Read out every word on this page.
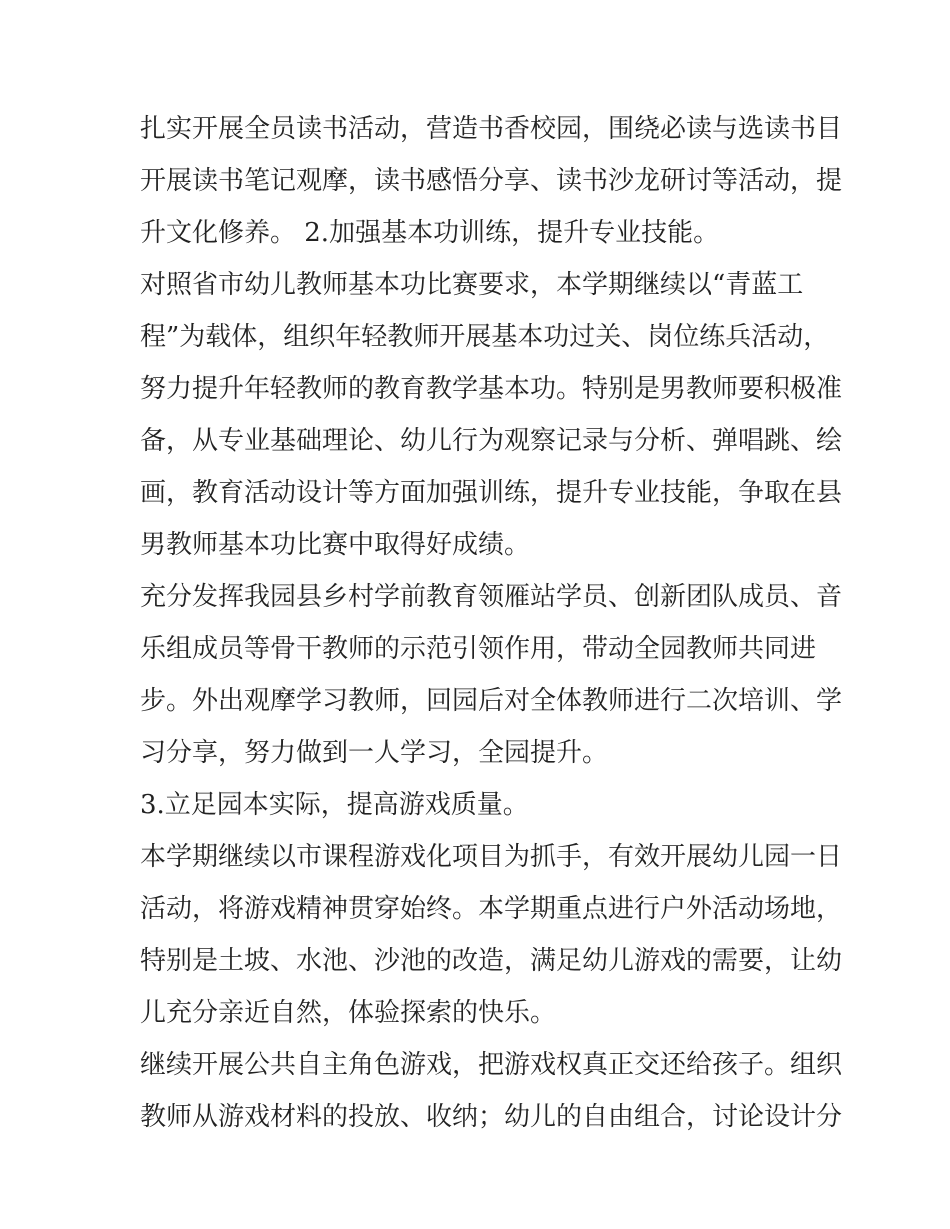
扎实开展全员读书活动，营造书香校园，围绕必读与选读书目
开展读书笔记观摩，读书感悟分享、读书沙龙研讨等活动，提
升文化修养。 2.加强基本功训练，提升专业技能。
对照省市幼儿教师基本功比赛要求，本学期继续以“青蓝工
程”为载体，组织年轻教师开展基本功过关、岗位练兵活动，
努力提升年轻教师的教育教学基本功。特别是男教师要积极准
备，从专业基础理论、幼儿行为观察记录与分析、弹唱跳、绘
画，教育活动设计等方面加强训练，提升专业技能，争取在县
男教师基本功比赛中取得好成绩。
充分发挥我园县乡村学前教育领雁站学员、创新团队成员、音
乐组成员等骨干教师的示范引领作用，带动全园教师共同进
步。外出观摩学习教师，回园后对全体教师进行二次培训、学
习分享，努力做到一人学习，全园提升。
3.立足园本实际，提高游戏质量。
本学期继续以市课程游戏化项目为抓手，有效开展幼儿园一日
活动，将游戏精神贯穿始终。本学期重点进行户外活动场地，
特别是土坡、水池、沙池的改造，满足幼儿游戏的需要，让幼
儿充分亲近自然，体验探索的快乐。
继续开展公共自主角色游戏，把游戏权真正交还给孩子。组织
教师从游戏材料的投放、收纳；幼儿的自由组合，讨论设计分
